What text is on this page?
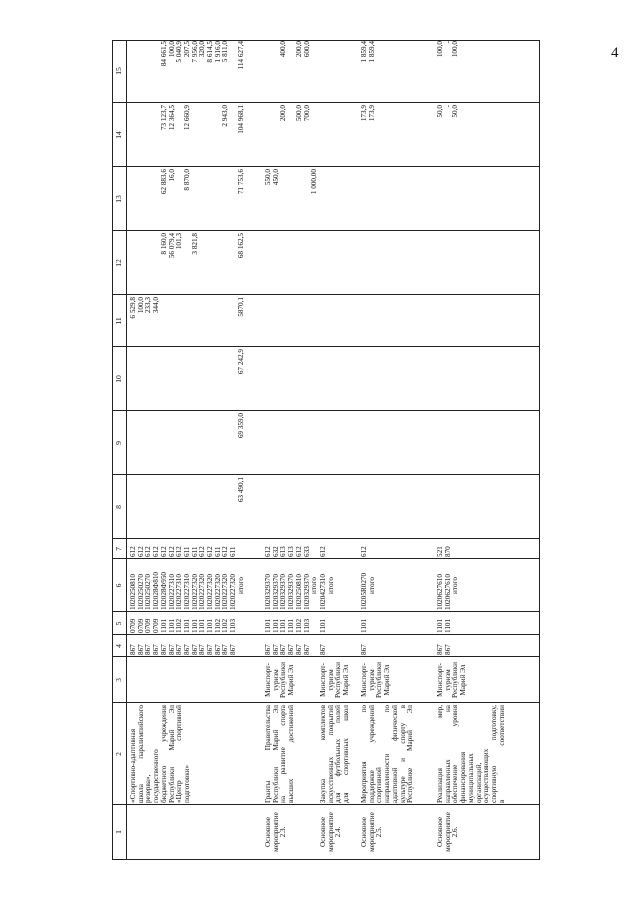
4
1
2
3
4
5
6
7
8
9
10
11
12
13
14
15
«Спортивно-адаптивная школа паралимпийского резерва», государственного бюджетного учреждения Республики Марий Эл «Центр спортивной подготовки»
867 867 867 867 867 867 867 867 867 867 867 867 867 867
0709 0709 0709 0709 1101 1101 1102 1101 1101 1101 1101 1102 1102 1103
1020250810 1020250270 1020250270 102028Ф810 102028Ф950 1020227310 1020227310 1020227310 1020227320 1020227320 1020227320 1020227320 1020227320 1020227320
612 612 612 612 612 612 612 611 611 612 612 611 612 611
итого
6 529,8 100,0 233,3 344,0
8 160,0 56 079,4 101,3 3 821,8
62 883,6 16,0 8 870,0
73 123,7 12 364,5 12 660,9	2 943,0
84 661,5 100,0 5 040,9 207,5 7 956,0 320,0 8 614,5 1 916,0 5 811,0
63 490,1
69 359,0
67 242,9
5870,1
68 162,5
71 753,6
104 968,1
114 627,4
Основное мероприятие 2.3.
Гранты Правительства Республики Марий Эл на развитие спорта высших достижений
Минспорт- туризм Республики Марий Эл
867 867 867 867 867 867
1101 1101 1101 1101 1102 1103
1020329370 1020329370 1020329370 1020329370 1020250810 1020329370
612 632 613 613 612 633
итого
550,0 450,0	1 000,00
200,0 500,0 700,0
400,0 200,0 600,0
Основное мероприятие 2.4.
Закупка комплектов искусственных покрытий для футбольных полей для спортивных школ
Минспорт- туризм Республики Марий Эл
867
1101
1020427310
612
итого
Основное мероприятие 2.5.
Мероприятия по поддержке учреждений спортивной направленности по адаптивной физической культуре и спорту в Республике Марий Эл
Минспорт- туризм Республики Марий Эл
867
1101
10205R0270
612
итого
173,9 173,9
1 859,4 1 859,4
Основное мероприятие 2.6.
Реализация мер, направленных на обеспечение уровня финансирования муниципальных организаций, осуществляющих спортивную подготовку, в соответствии
Минспорт- туризм Республики Марий Эл
867 867
1101 1101
1020627610 1020627610
521 870
итого
50,0 - 50,0
100,0 - 100,0
